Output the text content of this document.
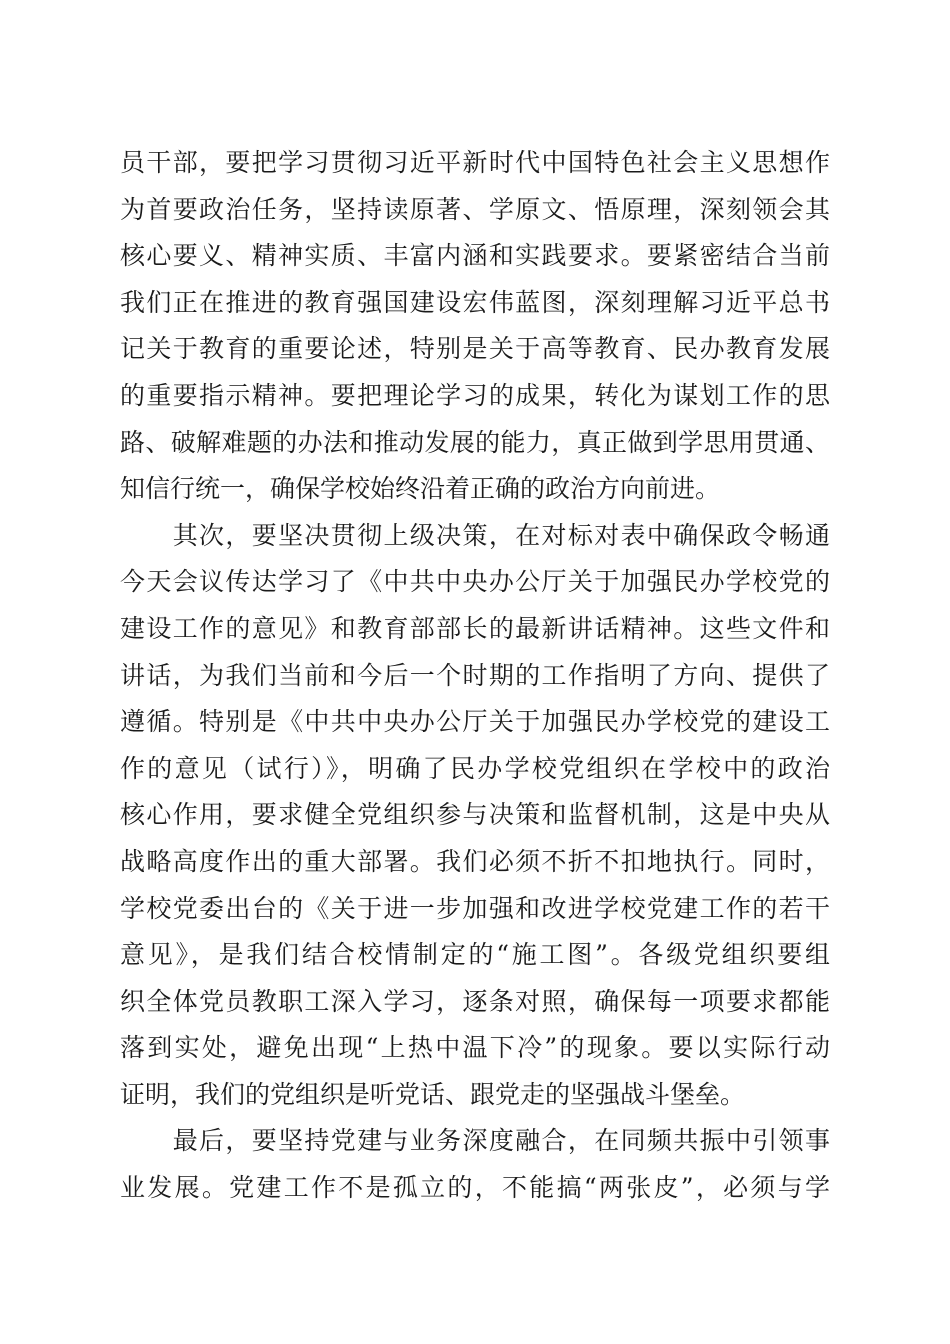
员干部，要把学习贯彻习近平新时代中国特色社会主义思想作
为首要政治任务，坚持读原著、学原文、悟原理，深刻领会其
核心要义、精神实质、丰富内涵和实践要求。要紧密结合当前
我们正在推进的教育强国建设宏伟蓝图，深刻理解习近平总书
记关于教育的重要论述，特别是关于高等教育、民办教育发展
的重要指示精神。要把理论学习的成果，转化为谋划工作的思
路、破解难题的办法和推动发展的能力，真正做到学思用贯通、
知信行统一，确保学校始终沿着正确的政治方向前进。
　　其次，要坚决贯彻上级决策，在对标对表中确保政令畅通
今天会议传达学习了《中共中央办公厅关于加强民办学校党的
建设工作的意见》和教育部部长的最新讲话精神。这些文件和
讲话，为我们当前和今后一个时期的工作指明了方向、提供了
遵循。特别是《中共中央办公厅关于加强民办学校党的建设工
作的意见（试行）》，明确了民办学校党组织在学校中的政治
核心作用，要求健全党组织参与决策和监督机制，这是中央从
战略高度作出的重大部署。我们必须不折不扣地执行。同时，
学校党委出台的《关于进一步加强和改进学校党建工作的若干
意见》，是我们结合校情制定的“施工图”。各级党组织要组
织全体党员教职工深入学习，逐条对照，确保每一项要求都能
落到实处，避免出现“上热中温下冷”的现象。要以实际行动
证明，我们的党组织是听党话、跟党走的坚强战斗堡垒。
　　最后，要坚持党建与业务深度融合，在同频共振中引领事
业发展。党建工作不是孤立的，不能搞“两张皮”，必须与学
